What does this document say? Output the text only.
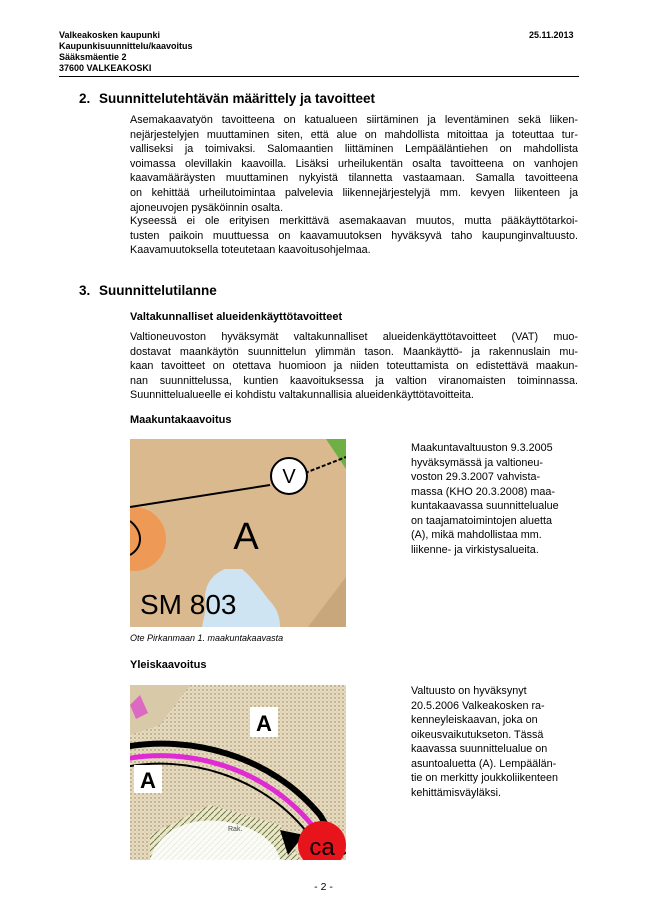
Valkeakosken kaupunki
Kaupunkisuunnittelu/kaavoitus
Sääksmäentie 2
37600 VALKEAKOSKI
25.11.2013
2. Suunnittelutehtävän määrittely ja tavoitteet
Asemakaavatyön tavoitteena on katualueen siirtäminen ja leventäminen sekä liiken-
nejärjestelyjen muuttaminen siten, että alue on mahdollista mitoittaa ja toteuttaa tur-
valliseksi ja toimivaksi. Salomaantien liittäminen Lempääläntiehen on mahdollista
voimassa olevillakin kaavoilla. Lisäksi urheilukentän osalta tavoitteena on vanhojen
kaavamääräysten muuttaminen nykyistä tilannetta vastaamaan. Samalla tavoitteena
on kehittää urheilutoimintaa palvelevia liikennejärjestelyjä mm. kevyen liikenteen ja
ajoneuvojen pysäköinnin osalta.
Kyseessä ei ole erityisen merkittävä asemakaavan muutos, mutta pääkäyttötarkoi-
tusten paikoin muuttuessa on kaavamuutoksen hyväksyvä taho kaupunginvaltuusto.
Kaavamuutoksella toteutetaan kaavoitusohjelmaa.
3. Suunnittelutilanne
Valtakunnalliset alueidenkäyttötavoitteet
Valtioneuvoston hyväksymät valtakunnalliset alueidenkäyttötavoitteet (VAT) muo-
dostavat maankäytön suunnittelun ylimmän tason. Maankäyttö- ja rakennuslain mu-
kaan tavoitteet on otettava huomioon ja niiden toteuttamista on edistettävä maakun-
nan suunnittelussa, kuntien kaavoituksessa ja valtion viranomaisten toiminnassa.
Suunnittelualueelle ei kohdistu valtakunnallisia alueidenkäyttötavoitteita.
Maakuntakaavoitus
V
A
SM 803
Ote Pirkanmaan 1. maakuntakaavasta
Maakuntavaltuuston 9.3.2005
hyväksymässä ja valtioneu-
voston 29.3.2007 vahvista-
massa (KHO 20.3.2008) maa-
kuntakaavassa suunnittelualue
on taajamatoimintojen aluetta
(A), mikä mahdollistaa mm.
liikenne- ja virkistysalueita.
Yleiskaavoitus
A
A
Rak.
ca
Valtuusto on hyväksynyt
20.5.2006 Valkeakosken ra-
kenneyleiskaavan, joka on
oikeusvaikutukseton. Tässä
kaavassa suunnittelualue on
asuntoaluetta (A). Lempäälän-
tie on merkitty joukkoliikenteen
kehittämisväyläksi.
- 2 -
